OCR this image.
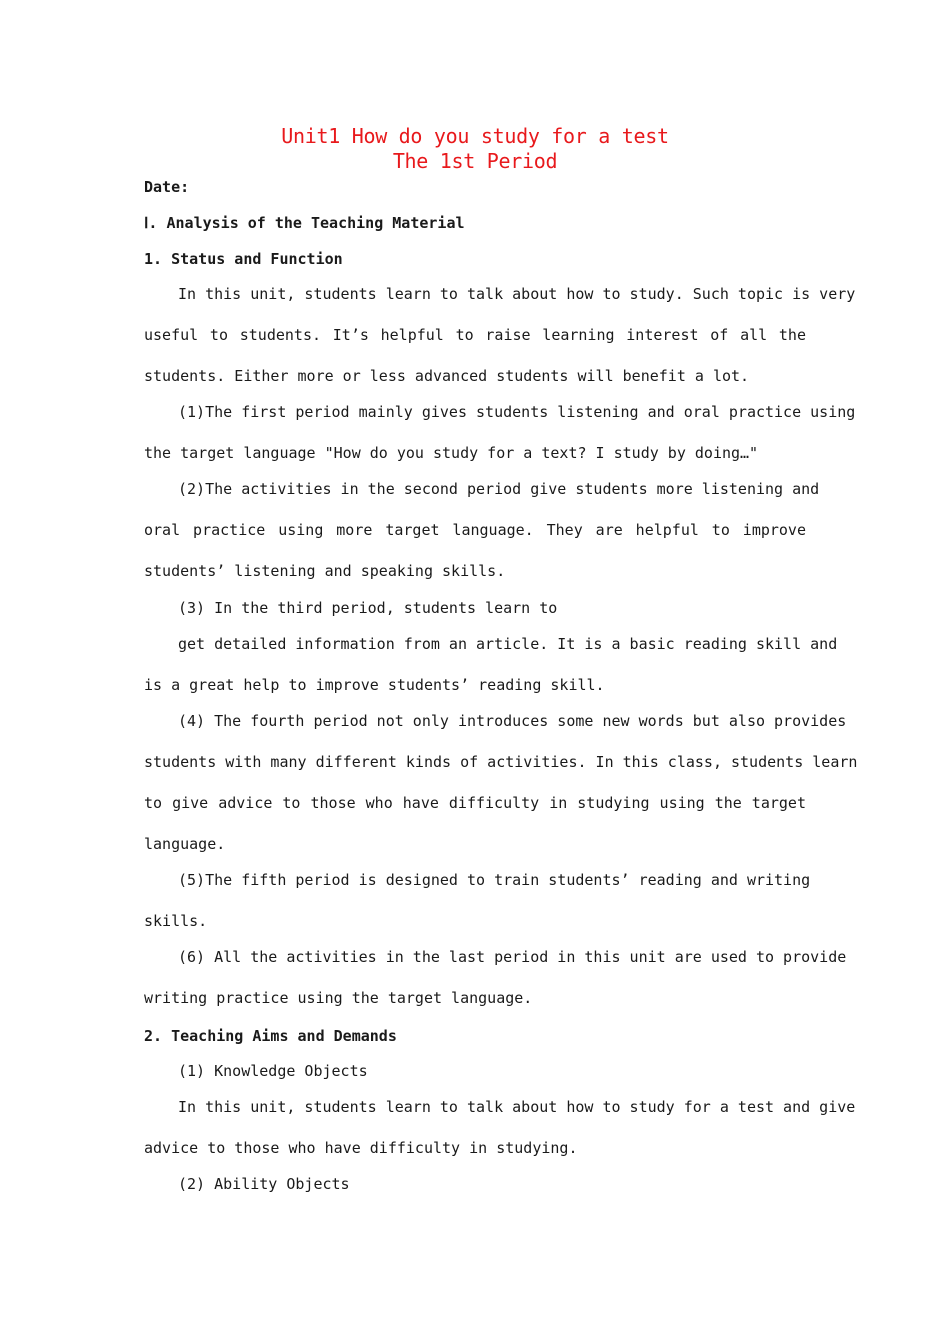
Unit1 How do you study for a test
The 1st Period
Date:
Ⅰ. Analysis of the Teaching Material
1. Status and Function
In this unit, students learn to talk about how to study. Such topic is very
useful to students. It’s helpful to raise learning interest of all the
students. Either more or less advanced students will benefit a lot.
(1)The first period mainly gives students listening and oral practice using
the target language "How do you study for a text? I study by doing…"
(2)The activities in the second period give students more listening and
oral practice using more target language. They are helpful to improve
students’ listening and speaking skills.
(3) In the third period, students learn to
get detailed information from an article. It is a basic reading skill and
is a great help to improve students’ reading skill.
(4) The fourth period not only introduces some new words but also provides
students with many different kinds of activities. In this class, students learn
to give advice to those who have difficulty in studying using the target
language.
(5)The fifth period is designed to train students’ reading and writing
skills.
(6) All the activities in the last period in this unit are used to provide
writing practice using the target language.
2. Teaching Aims and Demands
(1) Knowledge Objects
In this unit, students learn to talk about how to study for a test and give
advice to those who have difficulty in studying.
(2) Ability Objects
